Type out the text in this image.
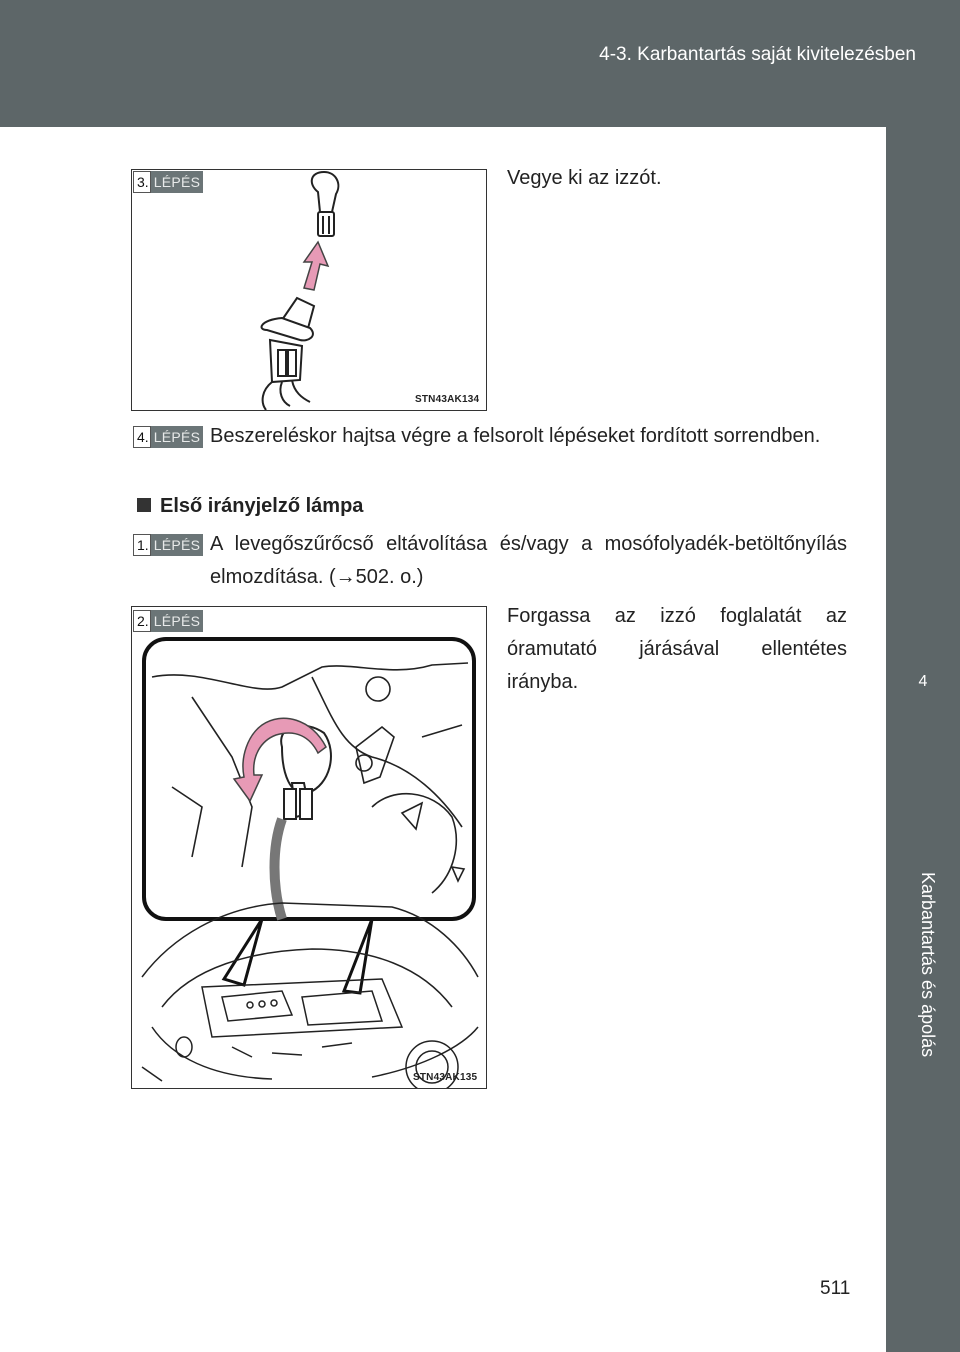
4-3. Karbantartás saját kivitelezésben
4
Karbantartás és ápolás
STN43AK134
3. LÉPÉS	Vegye ki az izzót.
4. LÉPÉS Beszereléskor hajtsa végre a felsorolt lépéseket fordított sorrendben.
Első irányjelző lámpa
1. LÉPÉS A levegőszűrőcső eltávolítása és/vagy a mosófolyadék-betöltőnyílás elmozdítása. (→502. o.)
STN43AK135
2. LÉPÉS	Forgassa az izzó foglalatát az óramutató járásával ellentétes irányba.
511
